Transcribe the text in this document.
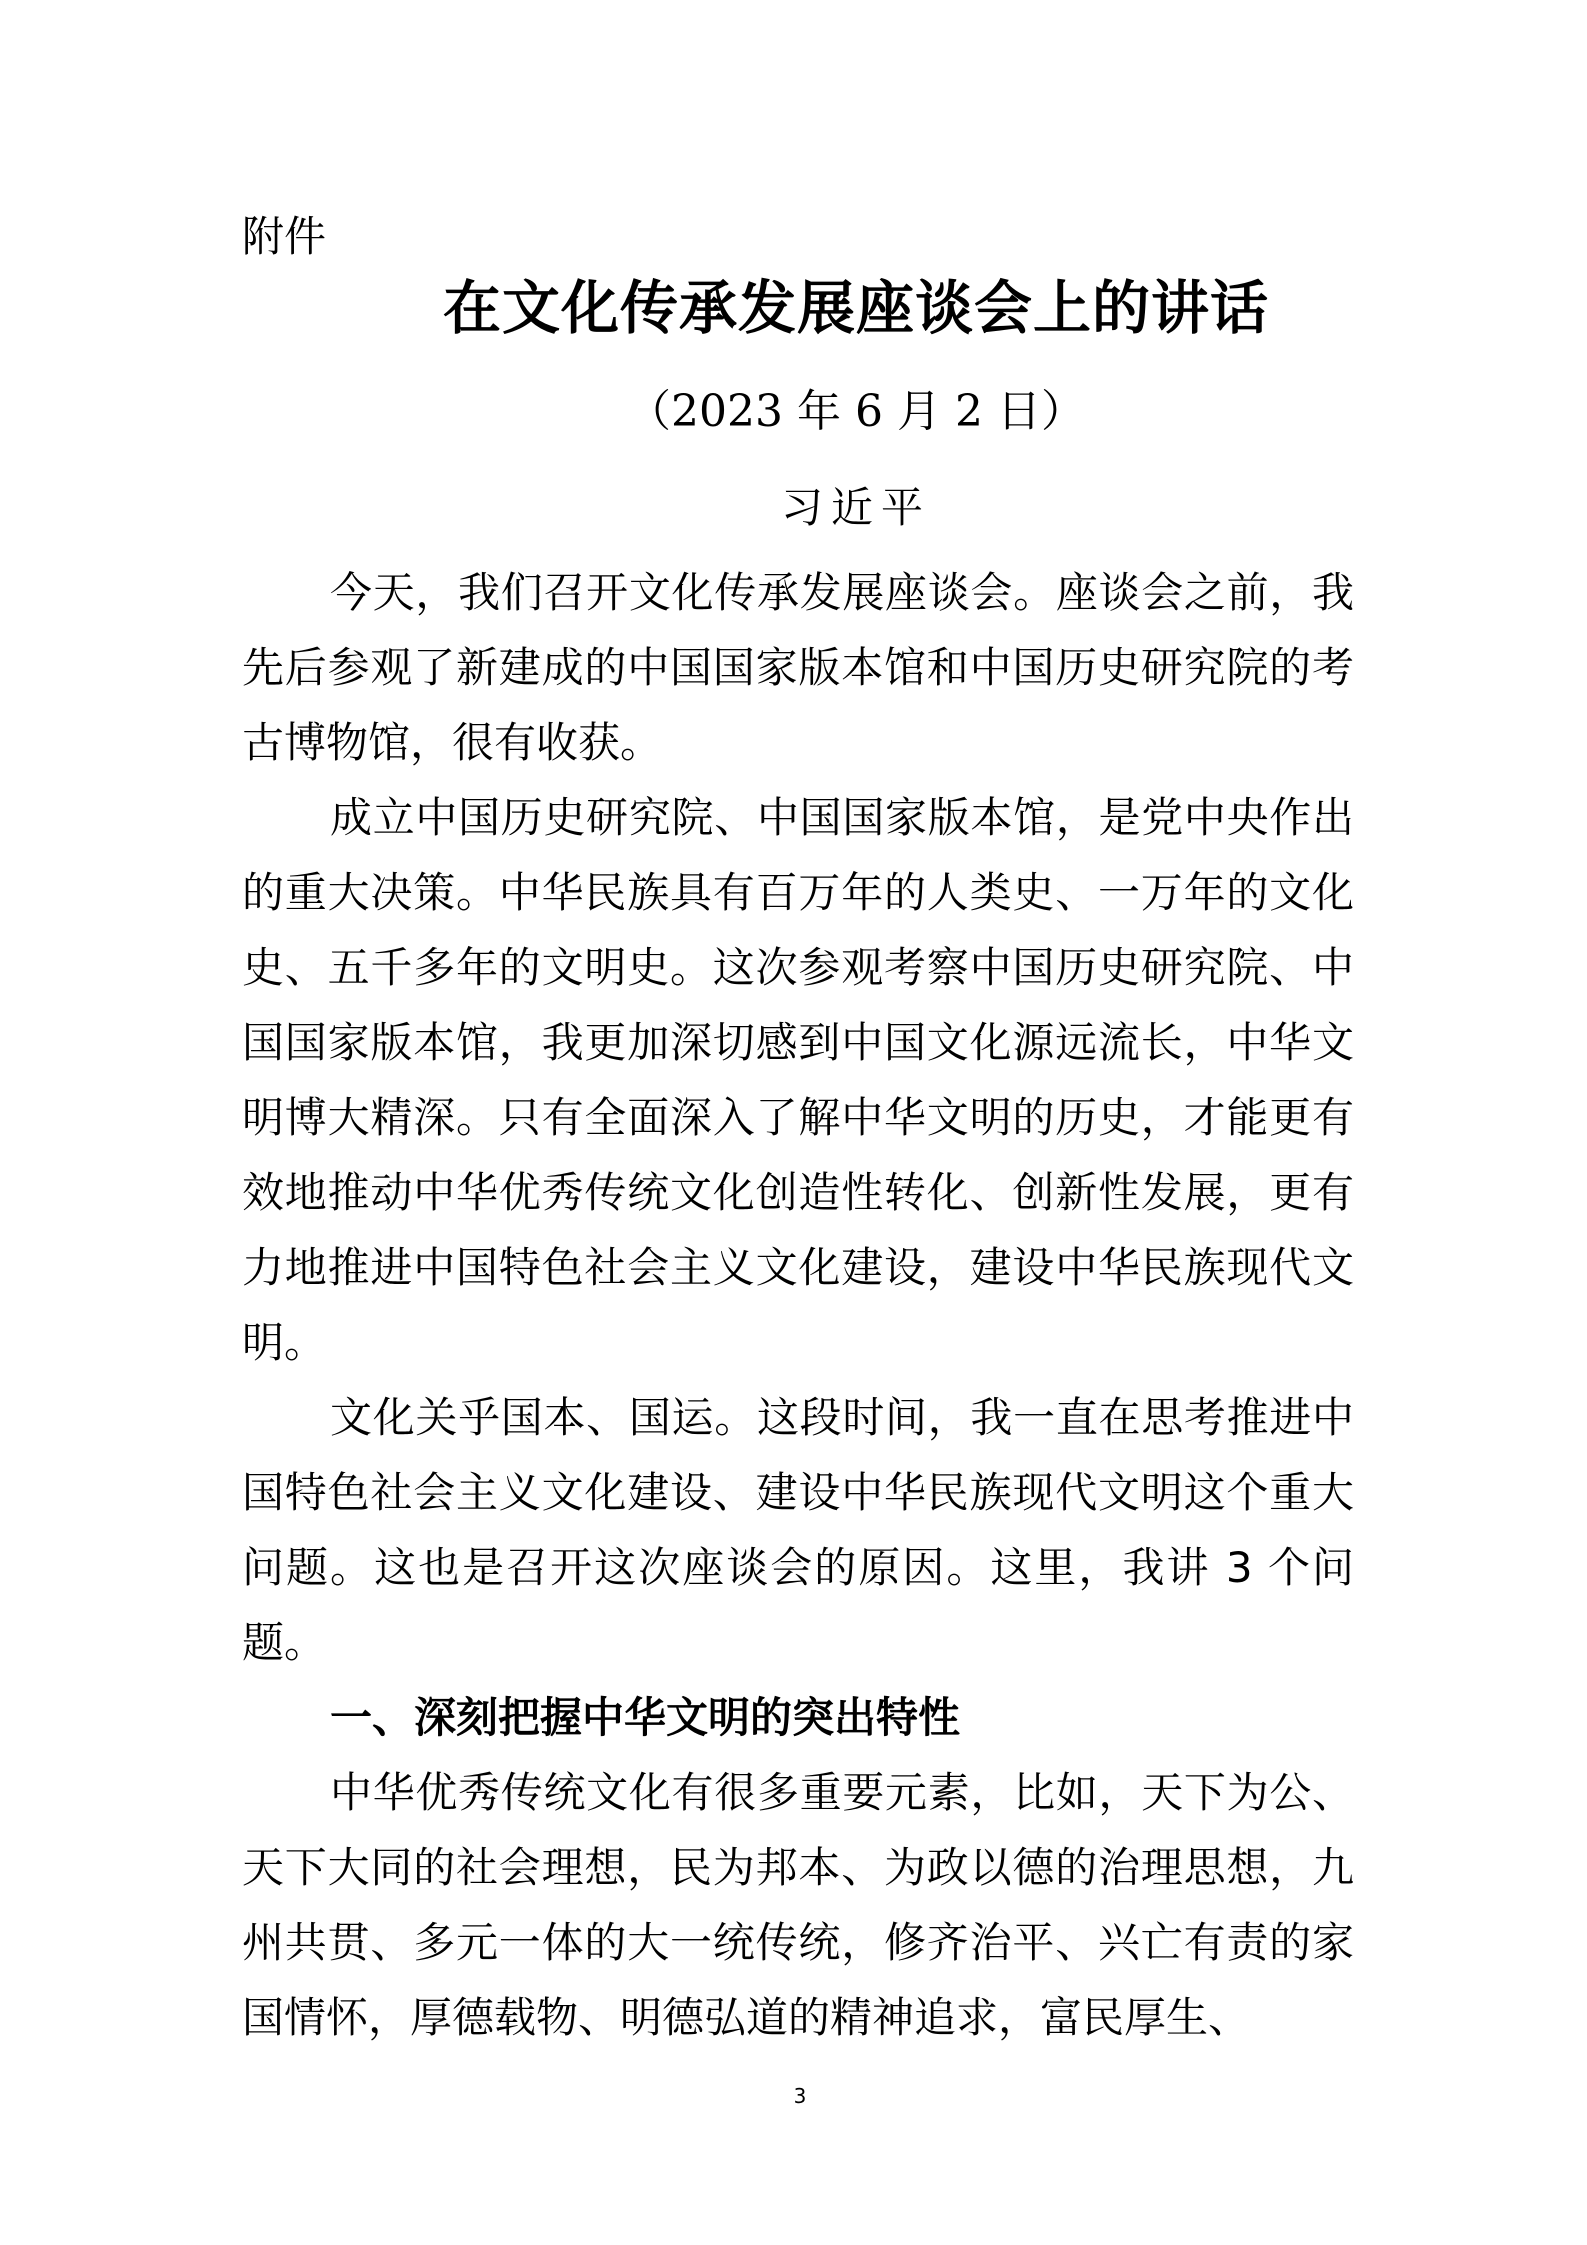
附件
在文化传承发展座谈会上的讲话
（2023 年 6 月 2 日）
习近平

今天，我们召开文化传承发展座谈会。座谈会之前，我先后参观了新建成的中国国家版本馆和中国历史研究院的考古博物馆，很有收获。

成立中国历史研究院、中国国家版本馆，是党中央作出的重大决策。中华民族具有百万年的人类史、一万年的文化史、五千多年的文明史。这次参观考察中国历史研究院、中国国家版本馆，我更加深切感到中国文化源远流长，中华文明博大精深。只有全面深入了解中华文明的历史，才能更有效地推动中华优秀传统文化创造性转化、创新性发展，更有力地推进中国特色社会主义文化建设，建设中华民族现代文明。

文化关乎国本、国运。这段时间，我一直在思考推进中国特色社会主义文化建设、建设中华民族现代文明这个重大问题。这也是召开这次座谈会的原因。这里，我讲 3 个问题。

一、深刻把握中华文明的突出特性

中华优秀传统文化有很多重要元素，比如，天下为公、天下大同的社会理想，民为邦本、为政以德的治理思想，九州共贯、多元一体的大一统传统，修齐治平、兴亡有责的家国情怀，厚德载物、明德弘道的精神追求，富民厚生、

3
